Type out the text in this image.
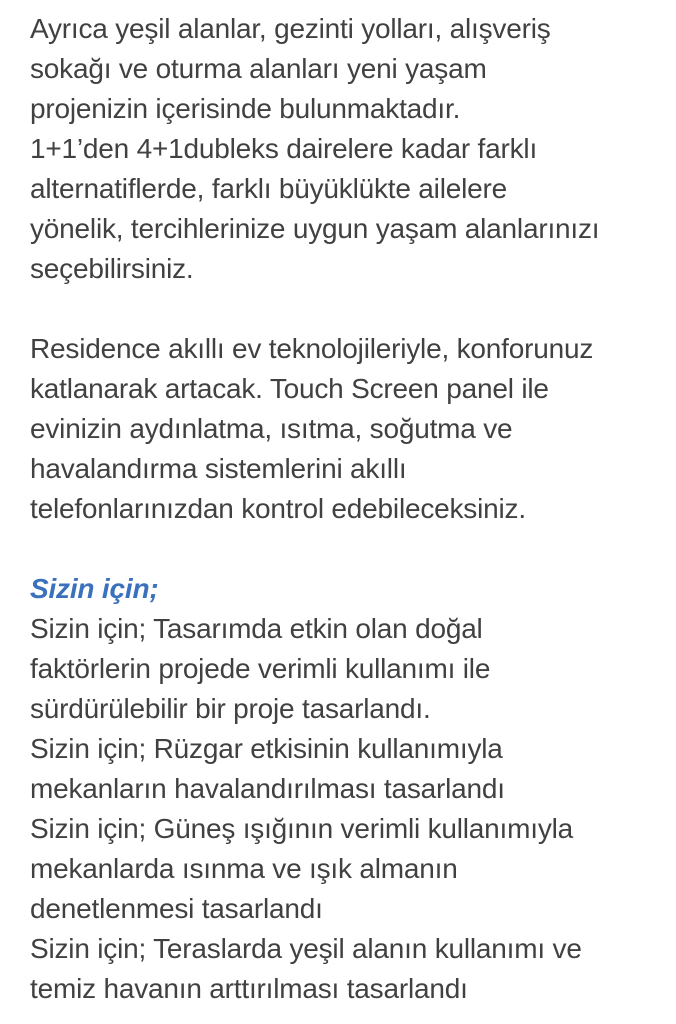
Ayrıca yeşil alanlar, gezinti yolları, alışveriş
sokağı ve oturma alanları yeni yaşam
projenizin içerisinde bulunmaktadır.
1+1’den 4+1dubleks dairelere kadar farklı
alternatiflerde, farklı büyüklükte ailelere
yönelik, tercihlerinize uygun yaşam alanlarınızı
seçebilirsiniz.
Residence akıllı ev teknolojileriyle, konforunuz
katlanarak artacak. Touch Screen panel ile
evinizin aydınlatma, ısıtma, soğutma ve
havalandırma sistemlerini akıllı
telefonlarınızdan kontrol edebileceksiniz.
Sizin için;
Sizin için; Tasarımda etkin olan doğal
faktörlerin projede verimli kullanımı ile
sürdürülebilir bir proje tasarlandı.
Sizin için; Rüzgar etkisinin kullanımıyla
mekanların havalandırılması tasarlandı
Sizin için; Güneş ışığının verimli kullanımıyla
mekanlarda ısınma ve ışık almanın
denetlenmesi tasarlandı
Sizin için; Teraslarda yeşil alanın kullanımı ve
temiz havanın arttırılması tasarlandı
